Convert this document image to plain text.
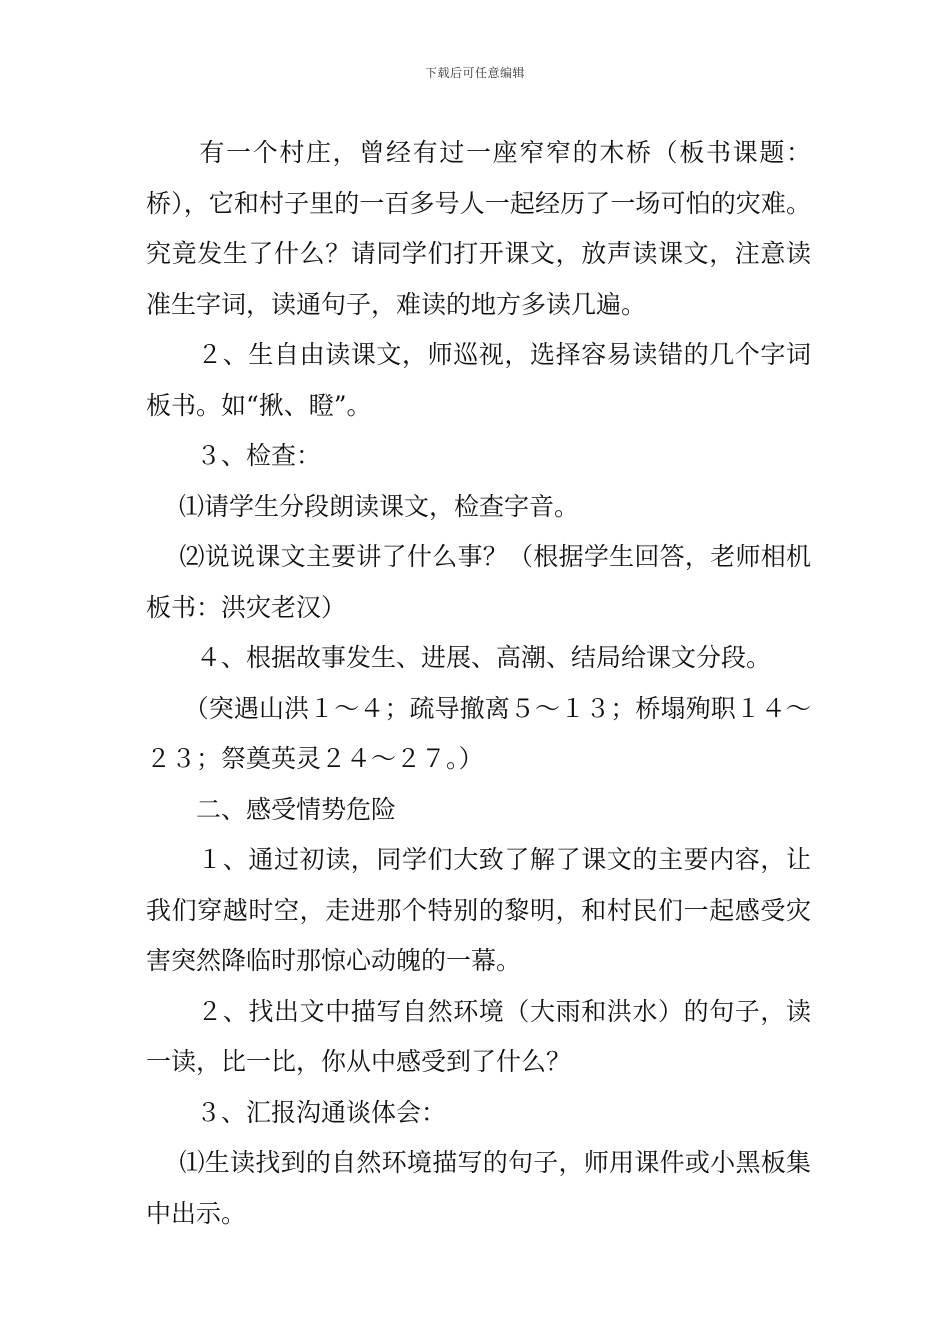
下载后可任意编辑

　　有一个村庄，曾经有过一座窄窄的木桥（板书课题：桥），它和村子里的一百多号人一起经历了一场可怕的灾难。究竟发生了什么？请同学们打开课文，放声读课文，注意读准生字词，读通句子，难读的地方多读几遍。

　　２、生自由读课文，师巡视，选择容易读错的几个字词板书。如“揪、瞪”。

　　３、检查：

　 ⑴请学生分段朗读课文，检查字音。

　 ⑵说说课文主要讲了什么事？（根据学生回答，老师相机板书：洪灾老汉）

　　４、根据故事发生、进展、高潮、结局给课文分段。

　　（突遇山洪１～４；疏导撤离５～１３；桥塌殉职１４～２３；祭奠英灵２４～２７。）

　　二、感受情势危险

　　１、通过初读，同学们大致了解了课文的主要内容，让我们穿越时空，走进那个特别的黎明，和村民们一起感受灾害突然降临时那惊心动魄的一幕。

　　２、找出文中描写自然环境（大雨和洪水）的句子，读一读，比一比，你从中感受到了什么？

　　３、汇报沟通谈体会：

　 ⑴生读找到的自然环境描写的句子，师用课件或小黑板集中出示。
